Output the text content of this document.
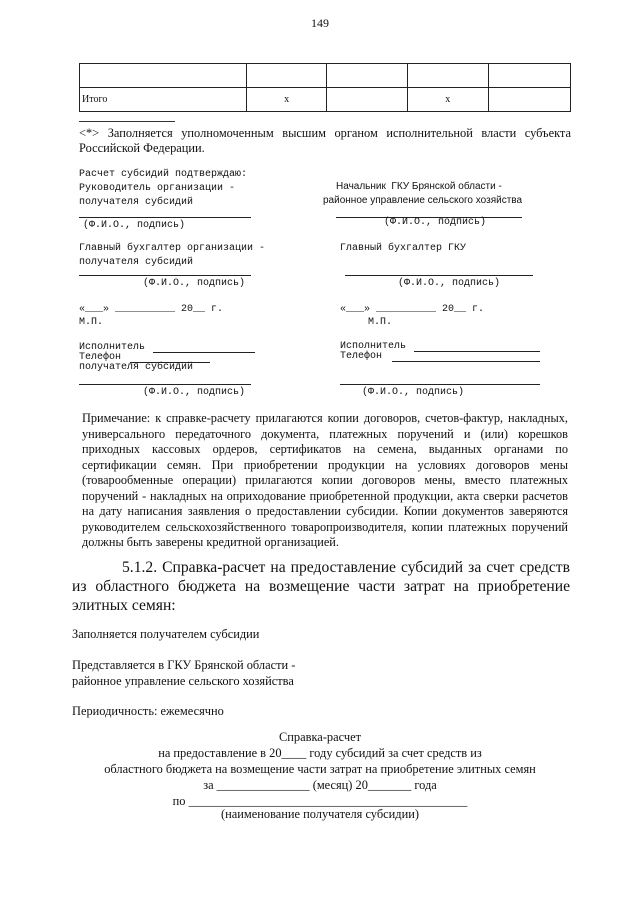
149

Итого	x		x	
<*> Заполняется уполномоченным высшим органом исполнительной власти субъекта Российской Федерации.
Расчет субсидий подтверждаю:
Руководитель организации -
получателя субсидий
(Ф.И.О., подпись)
Главный бухгалтер организации -
получателя субсидий
(Ф.И.О., подпись)
«___» __________ 20__ г.
М.П.
Исполнитель
Телефон
получателя субсидий
(Ф.И.О., подпись)
Начальник  ГКУ Брянской области -
районное управление сельского хозяйства
(Ф.И.О., подпись)
Главный бухгалтер ГКУ
(Ф.И.О., подпись)
«___» __________ 20__ г.
М.П.
Исполнитель
Телефон
(Ф.И.О., подпись)
Примечание: к справке-расчету прилагаются копии договоров, счетов-фактур, накладных, универсального передаточного документа, платежных поручений и (или) корешков приходных кассовых ордеров, сертификатов на семена, выданных органами по сертификации семян. При приобретении продукции на условиях договоров мены (товарообменные операции) прилагаются копии договоров мены, вместо платежных поручений - накладных на оприходование приобретенной продукции, акта сверки расчетов на дату написания заявления о предоставлении субсидии. Копии документов заверяются руководителем сельскохозяйственного товаропроизводителя, копии платежных поручений должны быть заверены кредитной организацией.
5.1.2. Справка-расчет на предоставление субсидий за счет средств из областного бюджета на возмещение части затрат на приобретение элитных семян:
Заполняется получателем субсидии
Представляется в ГКУ Брянской области -
районное управление сельского хозяйства
Периодичность: ежемесячно
Справка-расчет
на предоставление в 20____ году субсидий за счет средств из
областного бюджета на возмещение части затрат на приобретение элитных семян
за _______________ (месяц) 20_______ года
по _____________________________________________
(наименование получателя субсидии)
